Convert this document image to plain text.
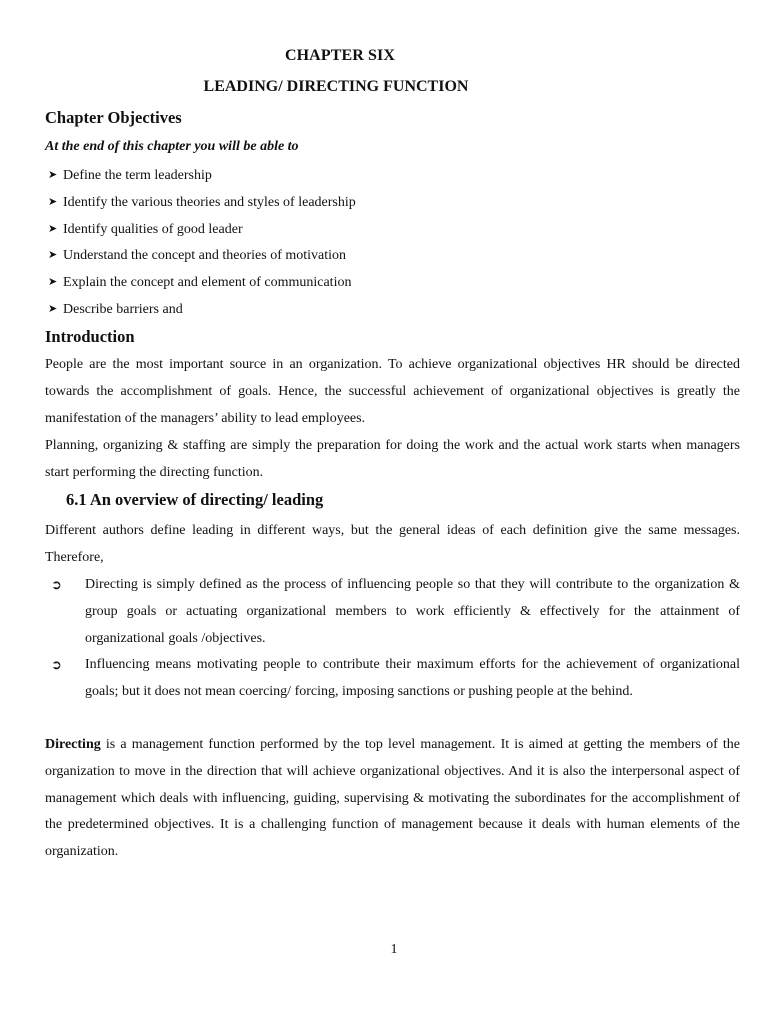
CHAPTER SIX
LEADING/ DIRECTING FUNCTION
Chapter Objectives
At the end of this chapter you will be able to
➤ Define the term leadership
➤ Identify the various theories and styles of leadership
➤ Identify qualities of good leader
➤ Understand the concept and theories of motivation
➤ Explain the concept and element of communication
➤ Describe barriers and
Introduction

People are the most important source in an organization. To achieve organizational objectives HR should be directed towards the accomplishment of goals. Hence, the successful achievement of organizational objectives is greatly the manifestation of the managers’ ability to lead employees.

Planning, organizing & staffing are simply the preparation for doing the work and the actual work starts when managers start performing the directing function.

6.1 An overview of directing/ leading

Different authors define leading in different ways, but the general ideas of each definition give the same messages. Therefore,

➲ Directing is simply defined as the process of influencing people so that they will contribute to the organization & group goals or actuating organizational members to work efficiently & effectively for the attainment of organizational goals /objectives.
➲ Influencing means motivating people to contribute their maximum efforts for the achievement of organizational goals; but it does not mean coercing/ forcing, imposing sanctions or pushing people at the behind.

Directing is a management function performed by the top level management. It is aimed at getting the members of the organization to move in the direction that will achieve organizational objectives. And it is also the interpersonal aspect of management which deals with influencing, guiding, supervising & motivating the subordinates for the accomplishment of the predetermined objectives. It is a challenging function of management because it deals with human elements of the organization.

1
